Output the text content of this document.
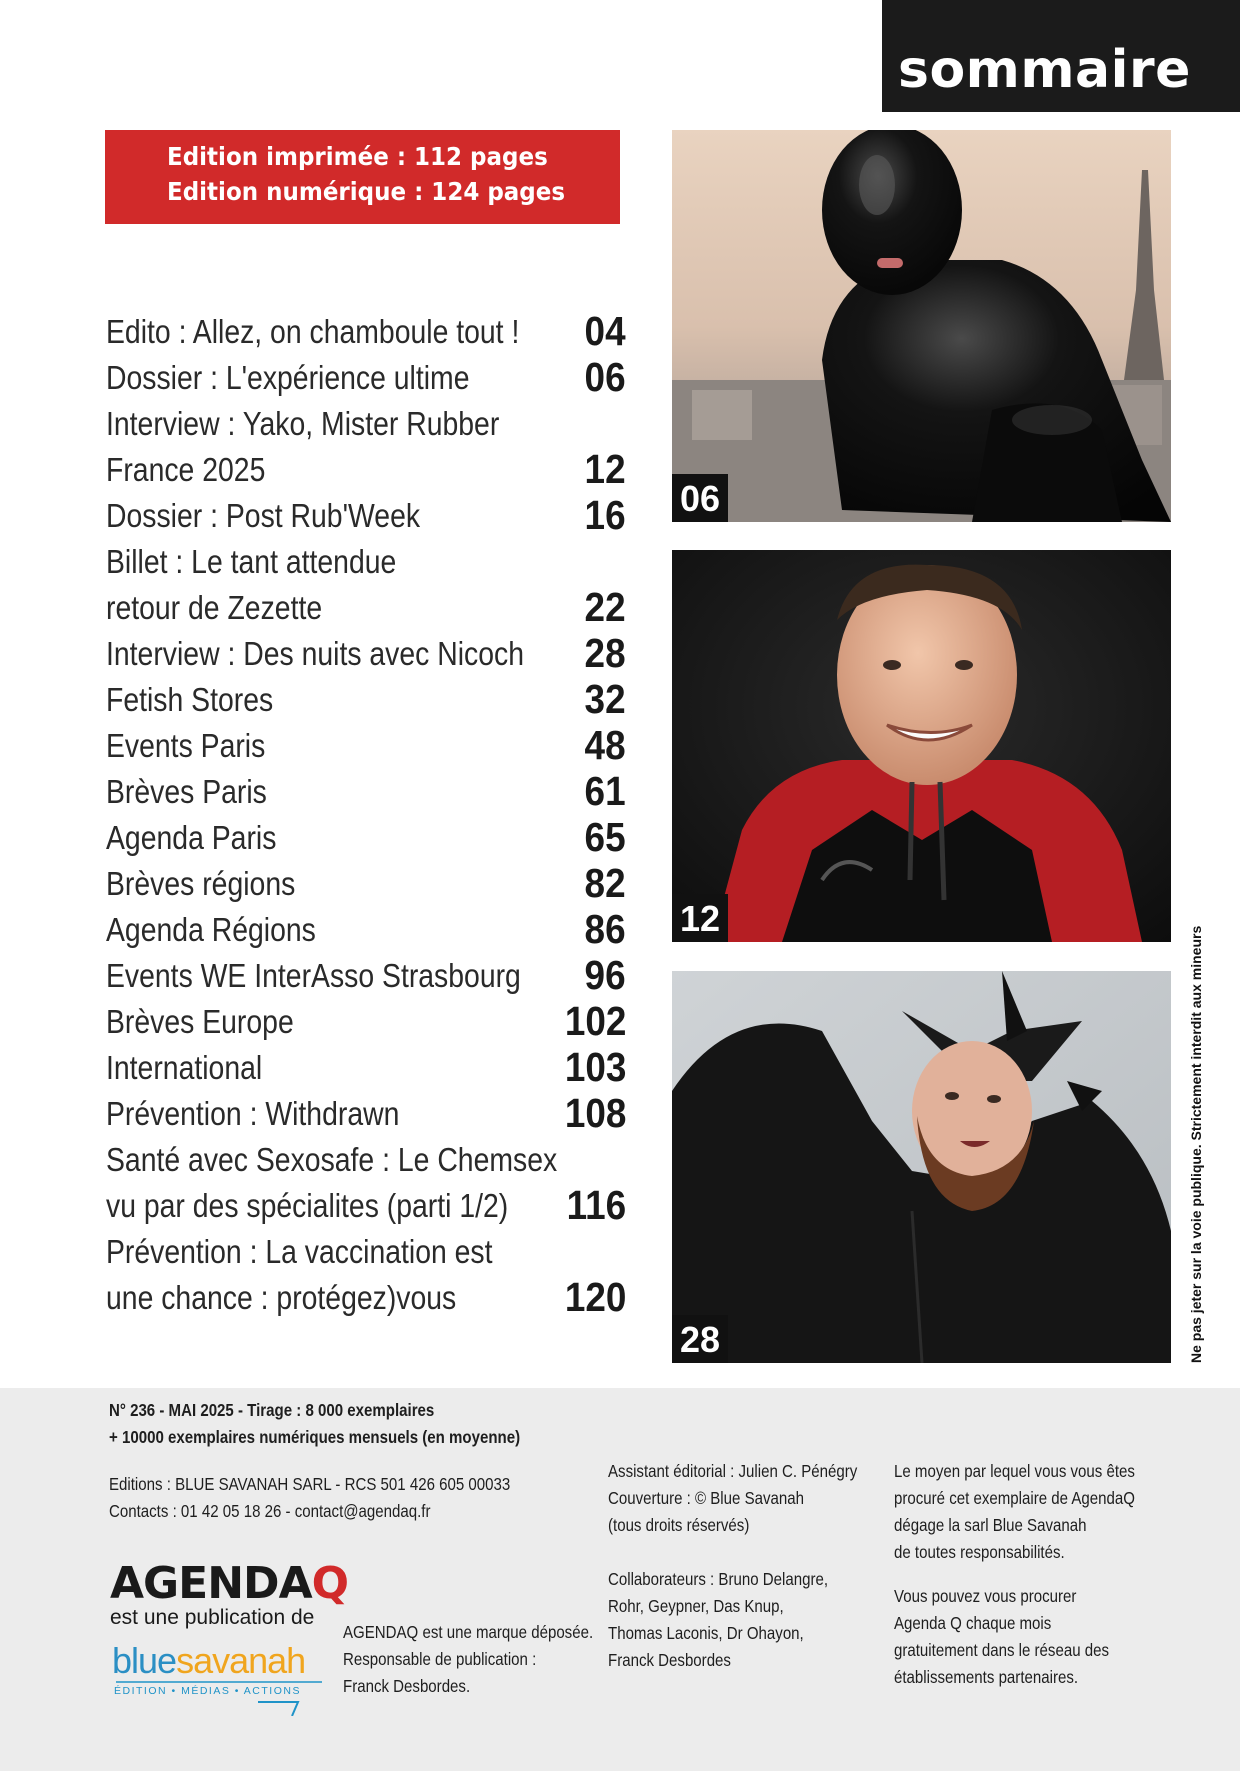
sommaire
Edition imprimée : 112 pages
Edition numérique : 124 pages
Edito : Allez, on chamboule tout ! 04
Dossier : L'expérience ultime	06
Interview : Yako, Mister Rubber
France 2025	12
Dossier : Post Rub'Week	16
Billet : Le tant attendue
retour de Zezette	22
Interview : Des nuits avec Nicoch 28
Fetish Stores	32
Events Paris	48
Brèves Paris	61
Agenda Paris	65
Brèves régions	82
Agenda Régions	86
Events WE InterAsso Strasbourg 96
Brèves Europe	102
International	103
Prévention : Withdrawn	108
Santé avec Sexosafe : Le Chemsex
vu par des spécialites (parti 1/2) 116
Prévention : La vaccination est
une chance : protégez)vous	120
06
12
28	Ne pas jeter sur la voie publique. Strictement interdit aux mineurs
N° 236 - MAI 2025 - Tirage : 8 000 exemplaires
+ 10000 exemplaires numériques mensuels (en moyenne)
Editions : BLUE SAVANAH SARL - RCS 501 426 605 00033
Contacts : 01 42 05 18 26 - contact@agendaq.fr
AGENDAQ
est une publication de
bluesavanah
ÉDITION • MÉDIAS • ACTIONS
AGENDAQ est une marque déposée.
Responsable de publication :
Franck Desbordes.
Assistant éditorial : Julien C. Pénégry
Couverture : © Blue Savanah
(tous droits réservés)
Collaborateurs : Bruno Delangre,
Rohr, Geypner, Das Knup,
Thomas Laconis, Dr Ohayon,
Franck Desbordes
Le moyen par lequel vous vous êtes
procuré cet exemplaire de AgendaQ
dégage la sarl Blue Savanah
de toutes responsabilités.
Vous pouvez vous procurer
Agenda Q chaque mois
gratuitement dans le réseau des
établissements partenaires.
